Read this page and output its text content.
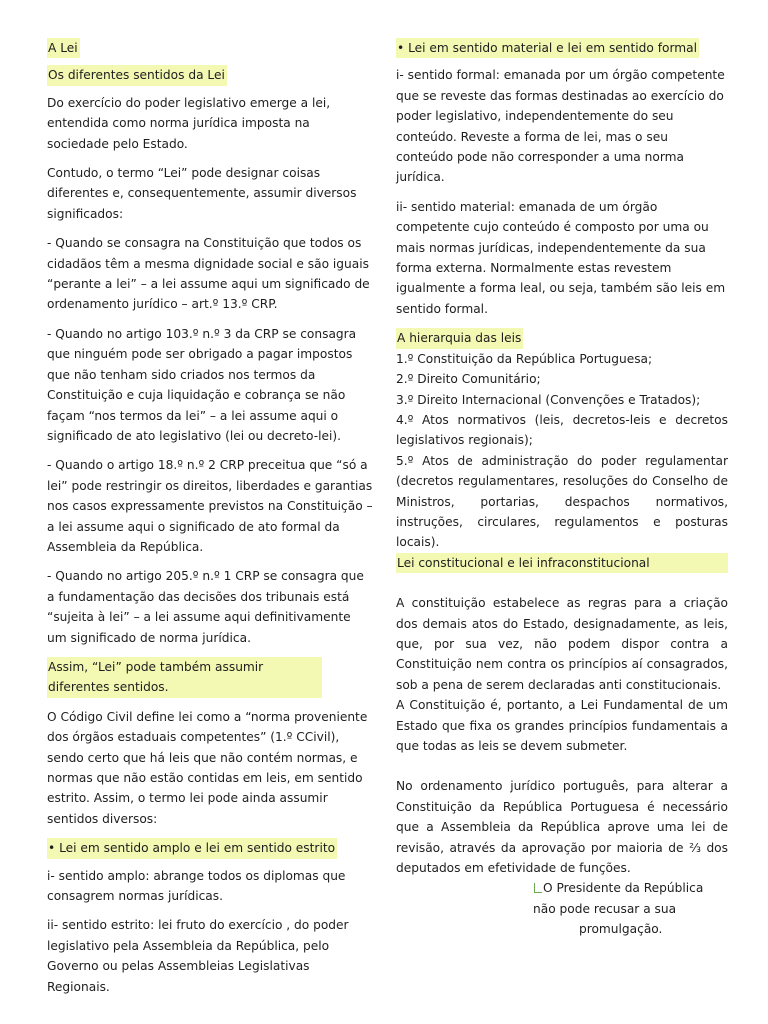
A Lei

Os diferentes sentidos da Lei

Do exercício do poder legislativo emerge a lei, entendida como norma jurídica imposta na sociedade pelo Estado.

Contudo, o termo “Lei” pode designar coisas diferentes e, consequentemente, assumir diversos significados:

- Quando se consagra na Constituição que todos os cidadãos têm a mesma dignidade social e são iguais “perante a lei” – a lei assume aqui um significado de ordenamento jurídico – art.º 13.º CRP.

- Quando no artigo 103.º n.º 3 da CRP se consagra que ninguém pode ser obrigado a pagar impostos que não tenham sido criados nos termos da Constituição e cuja liquidação e cobrança se não façam “nos termos da lei” – a lei assume aqui o significado de ato legislativo (lei ou decreto-lei).

- Quando o artigo 18.º n.º 2 CRP preceitua que “só a lei” pode restringir os direitos, liberdades e garantias nos casos expressamente previstos na Constituição – a lei assume aqui o significado de ato formal da Assembleia da República.

- Quando no artigo 205.º n.º 1 CRP se consagra que a fundamentação das decisões dos tribunais está “sujeita à lei” – a lei assume aqui definitivamente um significado de norma jurídica.

Assim, “Lei” pode também assumir diferentes sentidos.

O Código Civil define lei como a “norma proveniente dos órgãos estaduais competentes” (1.º CCivil), sendo certo que há leis que não contém normas, e normas que não estão contidas em leis, em sentido estrito. Assim, o termo lei pode ainda assumir sentidos diversos:

• Lei em sentido amplo e lei em sentido estrito

i- sentido amplo: abrange todos os diplomas que consagrem normas jurídicas.

ii- sentido estrito: lei fruto do exercício , do poder legislativo pela Assembleia da República, pelo Governo ou pelas Assembleias Legislativas Regionais.

• Lei em sentido material e lei em sentido formal

i- sentido formal: emanada por um órgão competente que se reveste das formas destinadas ao exercício do poder legislativo, independentemente do seu conteúdo. Reveste a forma de lei, mas o seu conteúdo pode não corresponder a uma norma jurídica.

ii- sentido material: emanada de um órgão competente cujo conteúdo é composto por uma ou mais normas jurídicas, independentemente da sua forma externa. Normalmente estas revestem igualmente a forma leal, ou seja, também são leis em sentido formal.

A hierarquia das leis

1.º Constituição da República Portuguesa;
2.º Direito Comunitário;
3.º Direito Internacional (Convenções e Tratados);
4.º Atos normativos (leis, decretos-leis e decretos legislativos regionais);
5.º Atos de administração do poder regulamentar (decretos regulamentares, resoluções do Conselho de Ministros, portarias, despachos normativos, instruções, circulares, regulamentos e posturas locais).
Lei constitucional e lei infraconstitucional
A constituição estabelece as regras para a criação dos demais atos do Estado, designadamente, as leis, que, por sua vez, não podem dispor contra a Constituição nem contra os princípios aí consagrados, sob a pena de serem declaradas anti constitucionais.
A Constituição é, portanto, a Lei Fundamental de um Estado que fixa os grandes princípios fundamentais a que todas as leis se devem submeter.
No ordenamento jurídico português, para alterar a Constituição da República Portuguesa é necessário que a Assembleia da República aprove uma lei de revisão, através da aprovação por maioria de ⅔ dos deputados em efetividade de funções.
O Presidente da República
não pode recusar a sua
promulgação.
